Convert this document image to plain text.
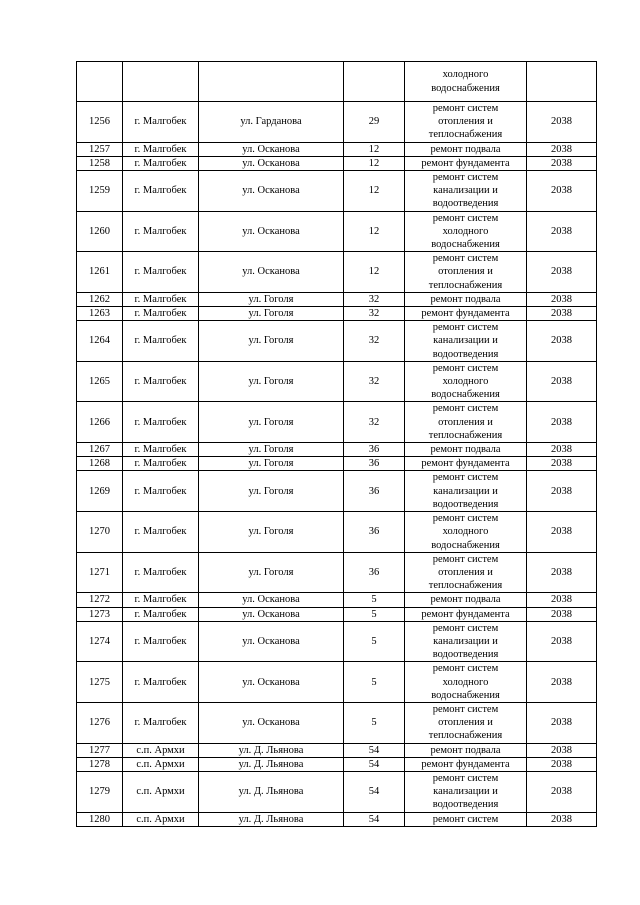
				холодного
водоснабжения	

1256	г. Малгобек	ул. Гарданова	29	ремонт систем
отопления и
теплоснабжения	2038
1257	г. Малгобек	ул. Осканова	12	ремонт подвала	2038
1258	г. Малгобек	ул. Осканова	12	ремонт фундамента	2038
1259	г. Малгобек	ул. Осканова	12	ремонт систем
канализации и
водоотведения	2038
1260	г. Малгобек	ул. Осканова	12	ремонт систем
холодного
водоснабжения	2038
1261	г. Малгобек	ул. Осканова	12	ремонт систем
отопления и
теплоснабжения	2038
1262	г. Малгобек	ул. Гоголя	32	ремонт подвала	2038
1263	г. Малгобек	ул. Гоголя	32	ремонт фундамента	2038
1264	г. Малгобек	ул. Гоголя	32	ремонт систем
канализации и
водоотведения	2038
1265	г. Малгобек	ул. Гоголя	32	ремонт систем
холодного
водоснабжения	2038
1266	г. Малгобек	ул. Гоголя	32	ремонт систем
отопления и
теплоснабжения	2038
1267	г. Малгобек	ул. Гоголя	36	ремонт подвала	2038
1268	г. Малгобек	ул. Гоголя	36	ремонт фундамента	2038
1269	г. Малгобек	ул. Гоголя	36	ремонт систем
канализации и
водоотведения	2038
1270	г. Малгобек	ул. Гоголя	36	ремонт систем
холодного
водоснабжения	2038
1271	г. Малгобек	ул. Гоголя	36	ремонт систем
отопления и
теплоснабжения	2038
1272	г. Малгобек	ул. Осканова	5	ремонт подвала	2038
1273	г. Малгобек	ул. Осканова	5	ремонт фундамента	2038
1274	г. Малгобек	ул. Осканова	5	ремонт систем
канализации и
водоотведения	2038
1275	г. Малгобек	ул. Осканова	5	ремонт систем
холодного
водоснабжения	2038
1276	г. Малгобек	ул. Осканова	5	ремонт систем
отопления и
теплоснабжения	2038
1277	с.п. Армхи	ул. Д. Льянова	54	ремонт подвала	2038
1278	с.п. Армхи	ул. Д. Льянова	54	ремонт фундамента	2038
1279	с.п. Армхи	ул. Д. Льянова	54	ремонт систем
канализации и
водоотведения	2038
1280	с.п. Армхи	ул. Д. Льянова	54	ремонт систем	2038
